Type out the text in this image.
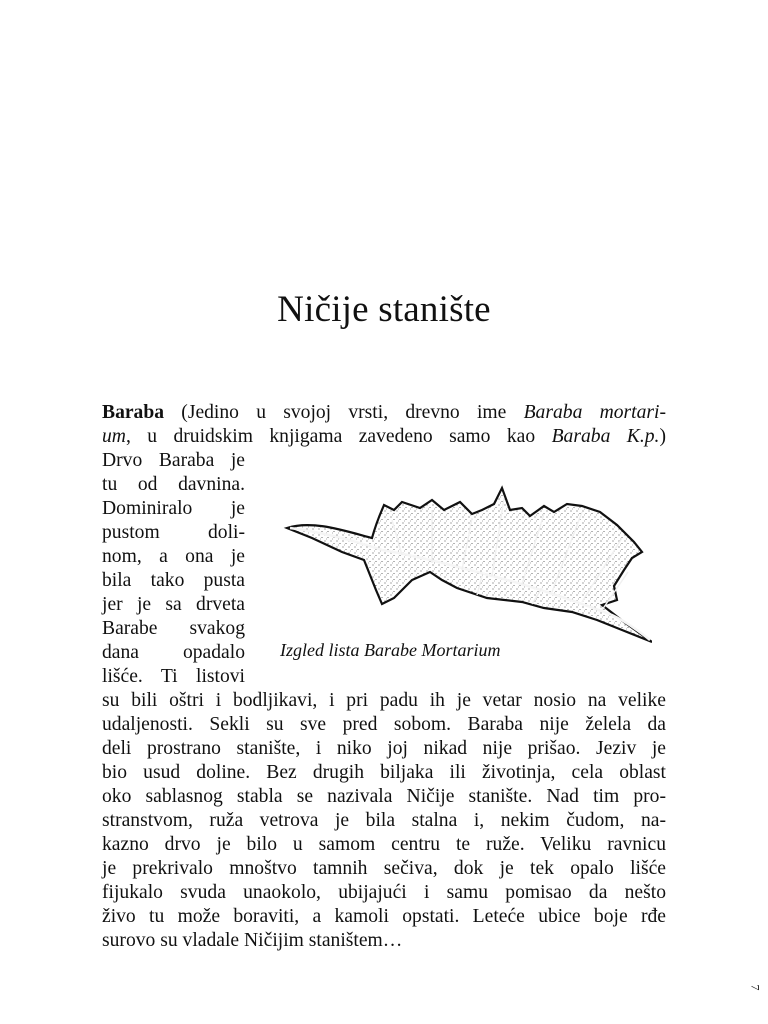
Ničije stanište
Baraba (Jedino u svojoj vrsti, drevno ime Baraba mortari-
um, u druidskim knjigama zavedeno samo kao Baraba K.p.)
Drvo Baraba je
tu od davnina.
Dominiralo je
pustom doli-
nom, a ona je
bila tako pusta
jer je sa drveta
Barabe svakog
dana opadalo
lišće. Ti listovi
su bili oštri i bodljikavi, i pri padu ih je vetar nosio na velike
udaljenosti. Sekli su sve pred sobom. Baraba nije želela da
deli prostrano stanište, i niko joj nikad nije prišao. Jeziv je
bio usud doline. Bez drugih biljaka ili životinja, cela oblast
oko sablasnog stabla se nazivala Ničije stanište. Nad tim pro-
stranstvom, ruža vetrova je bila stalna i, nekim čudom, na-
kazno drvo je bilo u samom centru te ruže. Veliku ravnicu
je prekrivalo mnoštvo tamnih sečiva, dok je tek opalo lišće
fijukalo svuda unaokolo, ubijajući i samu pomisao da nešto
živo tu može boraviti, a kamoli opstati. Leteće ubice boje rđe
surovo su vladale Ničijim staništem…
Izgled lista Barabe Mortarium
7
